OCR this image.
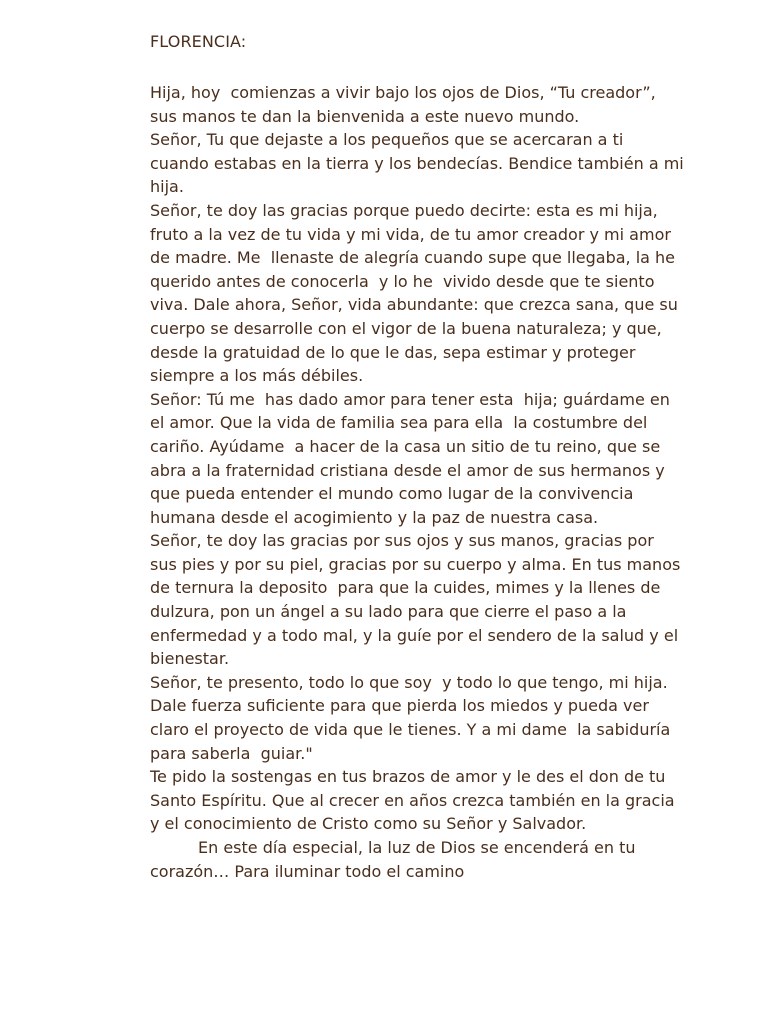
FLORENCIA:
Hija, hoy  comienzas a vivir bajo los ojos de Dios, “Tu creador”,
sus manos te dan la bienvenida a este nuevo mundo.
Señor, Tu que dejaste a los pequeños que se acercaran a ti
cuando estabas en la tierra y los bendecías. Bendice también a mi
hija.
Señor, te doy las gracias porque puedo decirte: esta es mi hija,
fruto a la vez de tu vida y mi vida, de tu amor creador y mi amor
de madre. Me  llenaste de alegría cuando supe que llegaba, la he
querido antes de conocerla  y lo he  vivido desde que te siento
viva. Dale ahora, Señor, vida abundante: que crezca sana, que su
cuerpo se desarrolle con el vigor de la buena naturaleza; y que,
desde la gratuidad de lo que le das, sepa estimar y proteger
siempre a los más débiles.
Señor: Tú me  has dado amor para tener esta  hija; guárdame en
el amor. Que la vida de familia sea para ella  la costumbre del
cariño. Ayúdame  a hacer de la casa un sitio de tu reino, que se
abra a la fraternidad cristiana desde el amor de sus hermanos y
que pueda entender el mundo como lugar de la convivencia
humana desde el acogimiento y la paz de nuestra casa.
Señor, te doy las gracias por sus ojos y sus manos, gracias por
sus pies y por su piel, gracias por su cuerpo y alma. En tus manos
de ternura la deposito  para que la cuides, mimes y la llenes de
dulzura, pon un ángel a su lado para que cierre el paso a la
enfermedad y a todo mal, y la guíe por el sendero de la salud y el
bienestar.
Señor, te presento, todo lo que soy  y todo lo que tengo, mi hija.
Dale fuerza suficiente para que pierda los miedos y pueda ver
claro el proyecto de vida que le tienes. Y a mi dame  la sabiduría
para saberla  guiar."
Te pido la sostengas en tus brazos de amor y le des el don de tu
Santo Espíritu. Que al crecer en años crezca también en la gracia
y el conocimiento de Cristo como su Señor y Salvador.
En este día especial, la luz de Dios se encenderá en tu
corazón… Para iluminar todo el camino
